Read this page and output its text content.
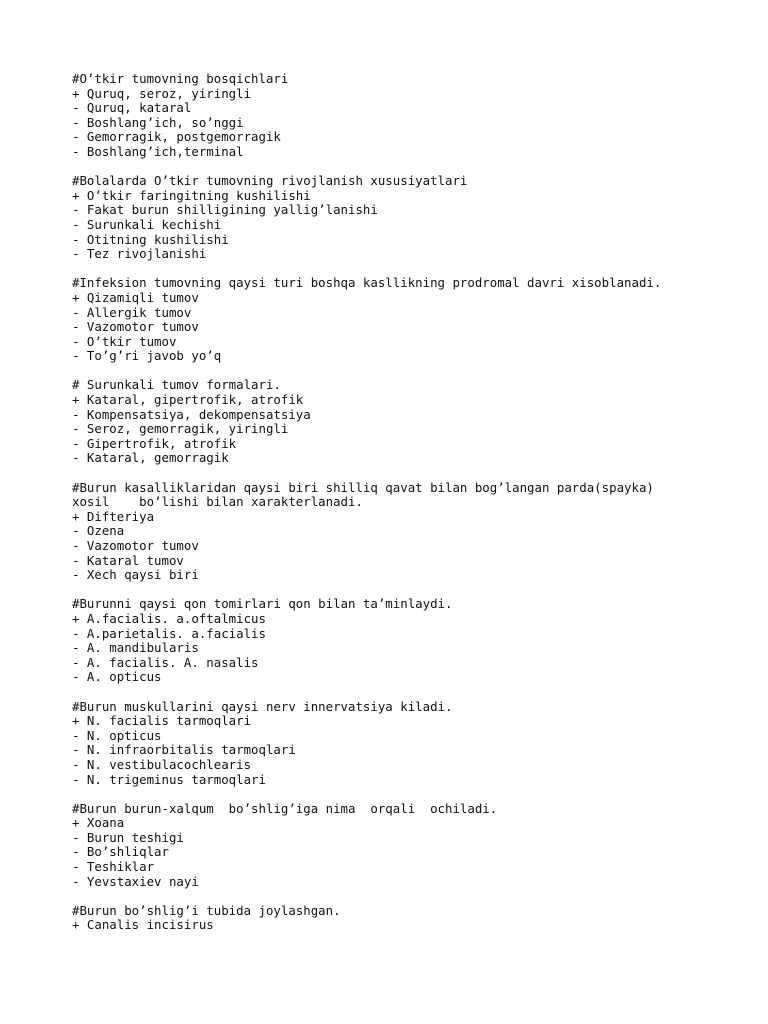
#O’tkir tumovning bosqichlari
+ Quruq, seroz, yiringli
- Quruq, kataral
- Boshlang’ich, so’nggi
- Gemorragik, postgemorragik
- Boshlang’ich,terminal
#Bolalarda O’tkir tumovning rivojlanish xususiyatlari
+ O’tkir faringitning kushilishi
- Fakat burun shilligining yallig’lanishi
- Surunkali kechishi
- Otitning kushilishi
- Tez rivojlanishi
#Infeksion tumovning qaysi turi boshqa kasllikning prodromal davri xisoblanadi.
+ Qizamiqli tumov
- Allergik tumov
- Vazomotor tumov
- O’tkir tumov
- To’g’ri javob yo’q
# Surunkali tumov formalari.
+ Kataral, gipertrofik, atrofik
- Kompensatsiya, dekompensatsiya
- Seroz, gemorragik, yiringli
- Gipertrofik, atrofik
- Kataral, gemorragik
#Burun kasalliklaridan qaysi biri shilliq qavat bilan bog’langan parda(spayka)
xosil    bo’lishi bilan xarakterlanadi.
+ Difteriya
- Ozena
- Vazomotor tumov
- Kataral tumov
- Xech qaysi biri
#Burunni qaysi qon tomirlari qon bilan ta’minlaydi.
+ A.facialis. a.oftalmicus
- A.parietalis. a.facialis
- A. mandibularis
- A. facialis. A. nasalis
- A. opticus
#Burun muskullarini qaysi nerv innervatsiya kiladi.
+ N. facialis tarmoqlari
- N. opticus
- N. infraorbitalis tarmoqlari
- N. vestibulacochlearis
- N. trigeminus tarmoqlari
#Burun burun-xalqum  bo’shlig’iga nima  orqali  ochiladi.
+ Xoana
- Burun teshigi
- Bo’shliqlar
- Teshiklar
- Yevstaxiev nayi
#Burun bo’shlig’i tubida joylashgan.
+ Canalis incisirus
